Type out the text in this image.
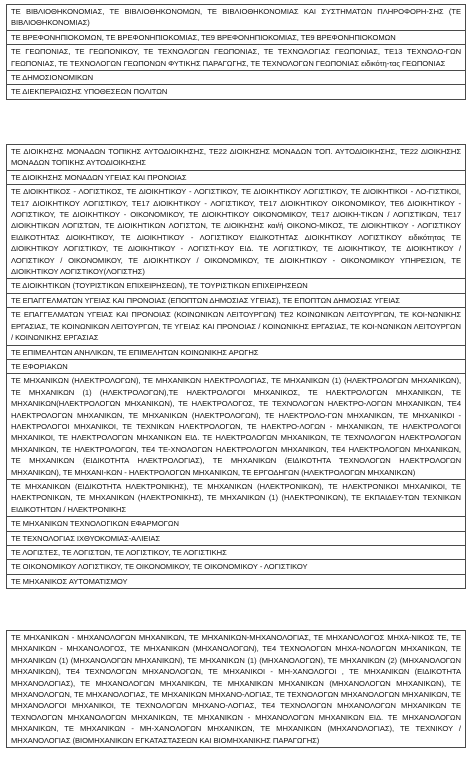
ΤΕ ΒΙΒΛΙΟΘΗΚΟΝΟΜΙΑΣ, ΤΕ ΒΙΒΛΙΟΘΗΚΟΝΟΜΩΝ, ΤΕ ΒΙΒΛΙΟΘΗΚΟΝΟΜΙΑΣ ΚΑΙ ΣΥΣΤΗΜΑΤΩΝ ΠΛΗΡΟΦΟΡΗ-ΣΗΣ (ΤΕ ΒΙΒΛΙΟΘΗΚΟΝΟΜΙΑΣ)
ΤΕ ΒΡΕΦΟΝΗΠΙΟΚΟΜΩΝ, ΤΕ ΒΡΕΦΟΝΗΠΙΟΚΟΜΙΑΣ, ΤΕ9 ΒΡΕΦΟΝΗΠΙΟΚΟΜΙΑΣ, ΤΕ9 ΒΡΕΦΟΝΗΠΙΟΚΟΜΩΝ
ΤΕ ΓΕΩΠΟΝΙΑΣ, ΤΕ ΓΕΩΠΟΝΙΚΟΥ, ΤΕ ΤΕΧΝΟΛΟΓΩΝ ΓΕΩΠΟΝΙΑΣ, ΤΕ ΤΕΧΝΟΛΟΓΙΑΣ ΓΕΩΠΟΝΙΑΣ, ΤΕ13 ΤΕΧΝΟΛΟ-ΓΩΝ ΓΕΩΠΟΝΙΑΣ, ΤΕ ΤΕΧΝΟΛΟΓΩΝ ΓΕΩΠΟΝΩΝ ΦΥΤΙΚΗΣ ΠΑΡΑΓΩΓΗΣ, ΤΕ ΤΕΧΝΟΛΟΓΩΝ ΓΕΩΠΟΝΙΑΣ ειδικότη-τας ΓΕΩΠΟΝΙΑΣ
ΤΕ ΔΗΜΟΣΙΟΝΟΜΙΚΩΝ
ΤΕ ΔΙΕΚΠΕΡΑΙΩΣΗΣ ΥΠΟΘΕΣΕΩΝ ΠΟΛΙΤΩΝ
ΤΕ ΔΙΟΙΚΗΣΗΣ ΜΟΝΑΔΩΝ ΤΟΠΙΚΗΣ ΑΥΤΟΔΙΟΙΚΗΣΗΣ, ΤΕ22 ΔΙΟΙΚΗΣΗΣ ΜΟΝΑΔΩΝ ΤΟΠ. ΑΥΤΟΔΙΟΙΚΗΣΗΣ, ΤΕ22 ΔΙΟΙΚΗΣΗΣ ΜΟΝΑΔΩΝ ΤΟΠΙΚΗΣ ΑΥΤΟΔΙΟΙΚΗΣΗΣ
ΤΕ ΔΙΟΙΚΗΣΗΣ ΜΟΝΑΔΩΝ ΥΓΕΙΑΣ ΚΑΙ ΠΡΟΝΟΙΑΣ
ΤΕ ΔΙΟΙΚΗΤΙΚΟΣ - ΛΟΓΙΣΤΙΚΟΣ, ΤΕ ΔΙΟΙΚΗΤΙΚΟΥ - ΛΟΓΙΣΤΙΚΟΥ, ΤΕ ΔΙΟΙΚΗΤΙΚΟΥ ΛΟΓΙΣΤΙΚΟΥ, ΤΕ ΔΙΟΙΚΗΤΙΚΟΙ - ΛΟ-ΓΙΣΤΙΚΟΙ, ΤΕ17 ΔΙΟΙΚΗΤΙΚΟΥ ΛΟΓΙΣΤΙΚΟΥ, ΤΕ17 ΔΙΟΙΚΗΤΙΚΟΥ - ΛΟΓΙΣΤΙΚΟΥ, ΤΕ17 ΔΙΟΙΚΗΤΙΚΟΥ ΟΙΚΟΝΟΜΙΚΟΥ, ΤΕ6 ΔΙΟΙΚΗΤΙΚΟΥ - ΛΟΓΙΣΤΙΚΟΥ, ΤΕ ΔΙΟΙΚΗΤΙΚΟΥ - ΟΙΚΟΝΟΜΙΚΟΥ, ΤΕ ΔΙΟΙΚΗΤΙΚΟΥ ΟΙΚΟΝΟΜΙΚΟΥ, ΤΕ17 ΔΙΟΙΚΗ-ΤΙΚΩΝ / ΛΟΓΙΣΤΙΚΩΝ, ΤΕ17 ΔΙΟΙΚΗΤΙΚΩΝ ΛΟΓΙΣΤΩΝ, ΤΕ ΔΙΟΙΚΗΤΙΚΩΝ ΛΟΓΙΣΤΩΝ, ΤΕ ΔΙΟΙΚΗΣΗΣ και/ή ΟΙΚΟΝΟ-ΜΙΚΟΣ, ΤΕ ΔΙΟΙΚΗΤΙΚΟΥ - ΛΟΓΙΣΤΙΚΟΥ ΕΙΔΙΚΟΤΗΤΑΣ ΔΙΟΙΚΗΤΙΚΟΥ, ΤΕ ΔΙΟΙΚΗΤΙΚΟΥ - ΛΟΓΙΣΤΙΚΟΥ ΕΙΔΙΚΟΤΗΤΑΣ ΔΙΟΙΚΗΤΙΚΟΥ ΛΟΓΙΣΤΙΚΟΥ ειδικότητας ΤΕ ΔΙΟΙΚΗΤΙΚΟΥ ΛΟΓΙΣΤΙΚΟΥ, ΤΕ ΔΙΟΙΚΗΤΙΚΟΥ - ΛΟΓΙΣΤΙ-ΚΟΥ ΕΙΔ. ΤΕ ΛΟΓΙΣΤΙΚΟΥ, ΤΕ ΔΙΟΙΚΗΤΙΚΟΥ, ΤΕ ΔΙΟΙΚΗΤΙΚΟΥ / ΛΟΓΙΣΤΙΚΟΥ / ΟΙΚΟΝΟΜΙΚΟΥ, ΤΕ ΔΙΟΙΚΗΤΙΚΟΥ / ΟΙΚΟΝΟΜΙΚΟΥ, ΤΕ ΔΙΟΙΚΗΤΙΚΟΥ - ΟΙΚΟΝΟΜΙΚΟΥ ΥΠΗΡΕΣΙΩΝ, ΤΕ ΔΙΟΙΚΗΤΙΚΟΥ ΛΟΓΙΣΤΙΚΟΥ(ΛΟΓΙΣΤΗΣ)
ΤΕ ΔΙΟΙΚΗΤΙΚΩΝ (ΤΟΥΡΙΣΤΙΚΩΝ ΕΠΙΧΕΙΡΗΣΕΩΝ), ΤΕ ΤΟΥΡΙΣΤΙΚΩΝ ΕΠΙΧΕΙΡΗΣΕΩΝ
ΤΕ ΕΠΑΓΓΕΛΜΑΤΩΝ ΥΓΕΙΑΣ ΚΑΙ ΠΡΟΝΟΙΑΣ (ΕΠΟΠΤΩΝ ΔΗΜΟΣΙΑΣ ΥΓΕΙΑΣ), ΤΕ ΕΠΟΠΤΩΝ ΔΗΜΟΣΙΑΣ ΥΓΕΙΑΣ
ΤΕ ΕΠΑΓΓΕΛΜΑΤΩΝ ΥΓΕΙΑΣ ΚΑΙ ΠΡΟΝΟΙΑΣ (ΚΟΙΝΩΝΙΚΩΝ ΛΕΙΤΟΥΡΓΩΝ) ΤΕ2 ΚΟΙΝΩΝΙΚΩΝ ΛΕΙΤΟΥΡΓΩΝ, ΤΕ ΚΟΙ-ΝΩΝΙΚΗΣ ΕΡΓΑΣΙΑΣ, ΤΕ ΚΟΙΝΩΝΙΚΩΝ ΛΕΙΤΟΥΡΓΩΝ, ΤΕ ΥΓΕΙΑΣ ΚΑΙ ΠΡΟΝΟΙΑΣ / ΚΟΙΝΩΝΙΚΗΣ ΕΡΓΑΣΙΑΣ, ΤΕ ΚΟΙ-ΝΩΝΙΚΩΝ ΛΕΙΤΟΥΡΓΩΝ / ΚΟΙΝΩΝΙΚΗΣ ΕΡΓΑΣΙΑΣ
ΤΕ ΕΠΙΜΕΛΗΤΩΝ ΑΝΗΛΙΚΩΝ, ΤΕ ΕΠΙΜΕΛΗΤΩΝ ΚΟΙΝΩΝΙΚΗΣ ΑΡΩΓΗΣ
ΤΕ ΕΦΟΡΙΑΚΩΝ
ΤΕ ΜΗΧΑΝΙΚΩΝ (ΗΛΕΚΤΡΟΛΟΓΩΝ), ΤΕ ΜΗΧΑΝΙΚΩΝ ΗΛΕΚΤΡΟΛΟΓΙΑΣ, ΤΕ ΜΗΧΑΝΙΚΩΝ (1) (ΗΛΕΚΤΡΟΛΟΓΩΝ ΜΗΧΑΝΙΚΩΝ), ΤΕ ΜΗΧΑΝΙΚΩΝ (1) (ΗΛΕΚΤΡΟΛΟΓΩΝ),ΤΕ ΗΛΕΚΤΡΟΛΟΓΟΙ ΜΗΧΑΝΙΚΟΣ, ΤΕ ΗΛΕΚΤΡΟΛΟΓΩΝ ΜΗΧΑΝΙΚΩΝ, ΤΕ ΜΗΧΑΝΙΚΩΝ(ΗΛΕΚΤΡΟΛΟΓΩΝ ΜΗΧΑΝΙΚΩΝ), ΤΕ ΗΛΕΚΤΡΟΛΟΓΟΣ, ΤΕ ΤΕΧΝΟΛΟΓΩΝ ΗΛΕΚΤΡΟ-ΛΟΓΩΝ ΜΗΧΑΝΙΚΩΝ, ΤΕ4 ΗΛΕΚΤΡΟΛΟΓΩΝ ΜΗΧΑΝΙΚΩΝ, ΤΕ ΜΗΧΑΝΙΚΩΝ (ΗΛΕΚΤΡΟΛΟΓΩΝ), ΤΕ ΗΛΕΚΤΡΟΛΟ-ΓΩΝ ΜΗΧΑΝΙΚΩΝ, ΤΕ ΜΗΧΑΝΙΚΟΙ - ΗΛΕΚΤΡΟΛΟΓΟΙ ΜΗΧΑΝΙΚΟΙ, ΤΕ ΤΕΧΝΙΚΩΝ ΗΛΕΚΤΡΟΛΟΓΩΝ, ΤΕ ΗΛΕΚΤΡΟ-ΛΟΓΩΝ - ΜΗΧΑΝΙΚΩΝ, ΤΕ ΗΛΕΚΤΡΟΛΟΓΟΙ ΜΗΧΑΝΙΚΟΙ, ΤΕ ΗΛΕΚΤΡΟΛΟΓΩΝ ΜΗΧΑΝΙΚΩΝ ΕΙΔ. ΤΕ ΗΛΕΚΤΡΟΛΟΓΩΝ ΜΗΧΑΝΙΚΩΝ, ΤΕ ΤΕΧΝΟΛΟΓΩΝ ΗΛΕΚΤΡΟΛΟΓΩΝ ΜΗΧΑΝΙΚΩΝ, ΤΕ ΗΛΕΚΤΡΟΛΟΓΩΝ, ΤΕ4 ΤΕ-ΧΝΟΛΟΓΩΝ ΗΛΕΚΤΡΟΛΟΓΩΝ ΜΗΧΑΝΙΚΩΝ, ΤΕ4 ΗΛΕΚΤΡΟΛΟΓΩΝ ΜΗΧΑΝΙΚΩΝ, ΤΕ ΜΗΧΑΝΙΚΩΝ (ΕΙΔΙΚΟΤΗΤΑ ΗΛΕΚΤΡΟΛΟΓΙΑΣ), ΤΕ ΜΗΧΑΝΙΚΩΝ (ΕΙΔΙΚΟΤΗΤΑ ΤΕΧΝΟΛΟΓΩΝ ΗΛΕΚΤΡΟΛΟΓΩΝ ΜΗΧΑΝΙΚΩΝ), ΤΕ ΜΗΧΑΝΙ-ΚΩΝ - ΗΛΕΚΤΡΟΛΟΓΩΝ ΜΗΧΑΝΙΚΩΝ, ΤΕ ΕΡΓΟΔΗΓΩΝ (ΗΛΕΚΤΡΟΛΟΓΩΝ ΜΗΧΑΝΙΚΩΝ)
ΤΕ ΜΗΧΑΝΙΚΩΝ (ΕΙΔΙΚΟΤΗΤΑ ΗΛΕΚΤΡΟΝΙΚΗΣ), ΤΕ ΜΗΧΑΝΙΚΩΝ (ΗΛΕΚΤΡΟΝΙΚΩΝ), ΤΕ ΗΛΕΚΤΡΟΝΙΚΟΙ ΜΗΧΑΝΙΚΟΙ, ΤΕ ΗΛΕΚΤΡΟΝΙΚΩΝ, ΤΕ ΜΗΧΑΝΙΚΩΝ (ΗΛΕΚΤΡΟΝΙΚΗΣ), ΤΕ ΜΗΧΑΝΙΚΩΝ (1) (ΗΛΕΚΤΡΟΝΙΚΩΝ), ΤΕ ΕΚΠΑΙΔΕΥ-ΤΩΝ ΤΕΧΝΙΚΩΝ ΕΙΔΙΚΟΤΗΤΩΝ / ΗΛΕΚΤΡΟΝΙΚΗΣ
ΤΕ ΜΗΧΑΝΙΚΩΝ ΤΕΧΝΟΛΟΓΙΚΩΝ ΕΦΑΡΜΟΓΩΝ
ΤΕ ΤΕΧΝΟΛΟΓΙΑΣ ΙΧΘΥΟΚΟΜΙΑΣ-ΑΛΙΕΙΑΣ
ΤΕ ΛΟΓΙΣΤΕΣ, ΤΕ ΛΟΓΙΣΤΩΝ, ΤΕ ΛΟΓΙΣΤΙΚΟΥ, ΤΕ ΛΟΓΙΣΤΙΚΗΣ
ΤΕ ΟΙΚΟΝΟΜΙΚΟΥ ΛΟΓΙΣΤΙΚΟΥ, ΤΕ ΟΙΚΟΝΟΜΙΚΟΥ, ΤΕ ΟΙΚΟΝΟΜΙΚΟΥ - ΛΟΓΙΣΤΙΚΟΥ
ΤΕ ΜΗΧΑΝΙΚΟΣ ΑΥΤΟΜΑΤΙΣΜΟΥ
ΤΕ ΜΗΧΑΝΙΚΩΝ - ΜΗΧΑΝΟΛΟΓΩΝ ΜΗΧΑΝΙΚΩΝ, ΤΕ ΜΗΧΑΝΙΚΩΝ-ΜΗΧΑΝΟΛΟΓΙΑΣ, ΤΕ ΜΗΧΑΝΟΛΟΓΟΣ ΜΗΧΑ-ΝΙΚΟΣ ΤΕ, ΤΕ ΜΗΧΑΝΙΚΩΝ - ΜΗΧΑΝΟΛΟΓΟΣ, ΤΕ ΜΗΧΑΝΙΚΩΝ (ΜΗΧΑΝΟΛΟΓΩΝ), ΤΕ4 ΤΕΧΝΟΛΟΓΩΝ ΜΗΧΑ-ΝΟΛΟΓΩΝ ΜΗΧΑΝΙΚΩΝ, ΤΕ ΜΗΧΑΝΙΚΩΝ (1) (ΜΗΧΑΝΟΛΟΓΩΝ ΜΗΧΑΝΙΚΩΝ), ΤΕ ΜΗΧΑΝΙΚΩΝ (1) (ΜΗΧΑΝΟΛΟΓΩΝ), ΤΕ ΜΗΧΑΝΙΚΩΝ (2) (ΜΗΧΑΝΟΛΟΓΩΝ ΜΗΧΑΝΙΚΩΝ), ΤΕ4 ΤΕΧΝΟΛΟΓΩΝ ΜΗΧΑΝΟΛΟΓΩΝ, ΤΕ ΜΗΧΑΝΙΚΟΙ - ΜΗ-ΧΑΝΟΛΟΓΟΙ , ΤΕ ΜΗΧΑΝΙΚΩΝ (ΕΙΔΙΚΟΤΗΤΑ ΜΗΧΑΝΟΛΟΓΙΑΣ), ΤΕ ΜΗΧΑΝΟΛΟΓΩΝ ΜΗΧΑΝΙΚΩΝ, ΤΕ ΜΗΧΑΝΙΚΩΝ ΜΗΧΑΝΙΚΩΝ (ΜΗΧΑΝΟΛΟΓΩΝ ΜΗΧΑΝΙΚΩΝ), ΤΕ ΜΗΧΑΝΟΛΟΓΩΝ, ΤΕ ΜΗΧΑΝΟΛΟΓΙΑΣ, ΤΕ ΜΗΧΑΝΙΚΩΝ ΜΗΧΑΝΟ-ΛΟΓΙΑΣ, ΤΕ ΤΕΧΝΟΛΟΓΩΝ ΜΗΧΑΝΟΛΟΓΩΝ ΜΗΧΑΝΙΚΩΝ, ΤΕ ΜΗΧΑΝΟΛΟΓΟΙ ΜΗΧΑΝΙΚΟΙ, ΤΕ ΤΕΧΝΟΛΟΓΩΝ ΜΗΧΑΝΟ-ΛΟΓΙΑΣ, ΤΕ4 ΤΕΧΝΟΛΟΓΩΝ ΜΗΧΑΝΟΛΟΓΩΝ ΜΗΧΑΝΙΚΩΝ ΤΕ ΤΕΧΝΟΛΟΓΩΝ ΜΗΧΑΝΟΛΟΓΩΝ ΜΗΧΑΝΙΚΩΝ, ΤΕ ΜΗΧΑΝΙΚΩΝ - ΜΗΧΑΝΟΛΟΓΩΝ ΜΗΧΑΝΙΚΩΝ ΕΙΔ. ΤΕ ΜΗΧΑΝΟΛΟΓΩΝ ΜΗΧΑΝΙΚΩΝ, ΤΕ ΜΗΧΑΝΙΚΩΝ - ΜΗ-ΧΑΝΟΛΟΓΩΝ ΜΗΧΑΝΙΚΩΝ, ΤΕ ΜΗΧΑΝΙΚΩΝ (ΜΗΧΑΝΟΛΟΓΙΑΣ), ΤΕ ΤΕΧΝΙΚΟΥ / ΜΗΧΑΝΟΛΟΓΙΑΣ (ΒΙΟΜΗΧΑΝΙΚΩΝ ΕΓΚΑΤΑΣΤΑΣΕΩΝ ΚΑΙ ΒΙΟΜΗΧΑΝΙΚΗΣ ΠΑΡΑΓΩΓΗΣ)
